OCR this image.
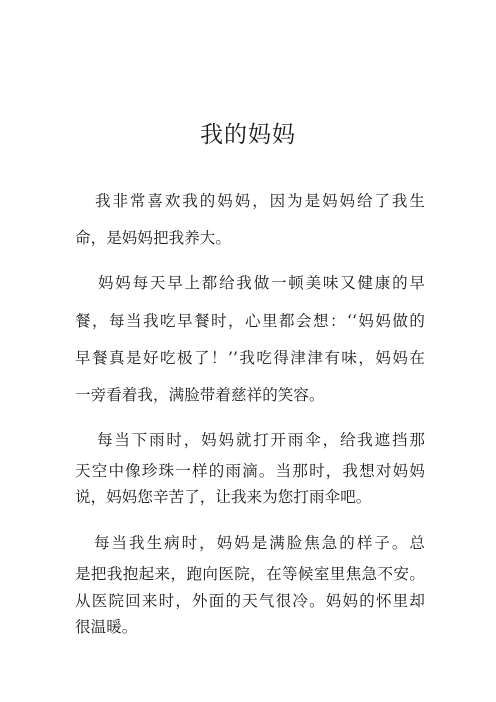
我的妈妈
我非常喜欢我的妈妈，因为是妈妈给了我生
命，是妈妈把我养大。
妈妈每天早上都给我做一顿美味又健康的早
餐，每当我吃早餐时，心里都会想：‘‘妈妈做的
早餐真是好吃极了！’’我吃得津津有味，妈妈在
一旁看着我，满脸带着慈祥的笑容。
每当下雨时，妈妈就打开雨伞，给我遮挡那
天空中像珍珠一样的雨滴。当那时，我想对妈妈
说，妈妈您辛苦了，让我来为您打雨伞吧。
每当我生病时，妈妈是满脸焦急的样子。总
是把我抱起来，跑向医院，在等候室里焦急不安。
从医院回来时，外面的天气很冷。妈妈的怀里却
很温暖。
